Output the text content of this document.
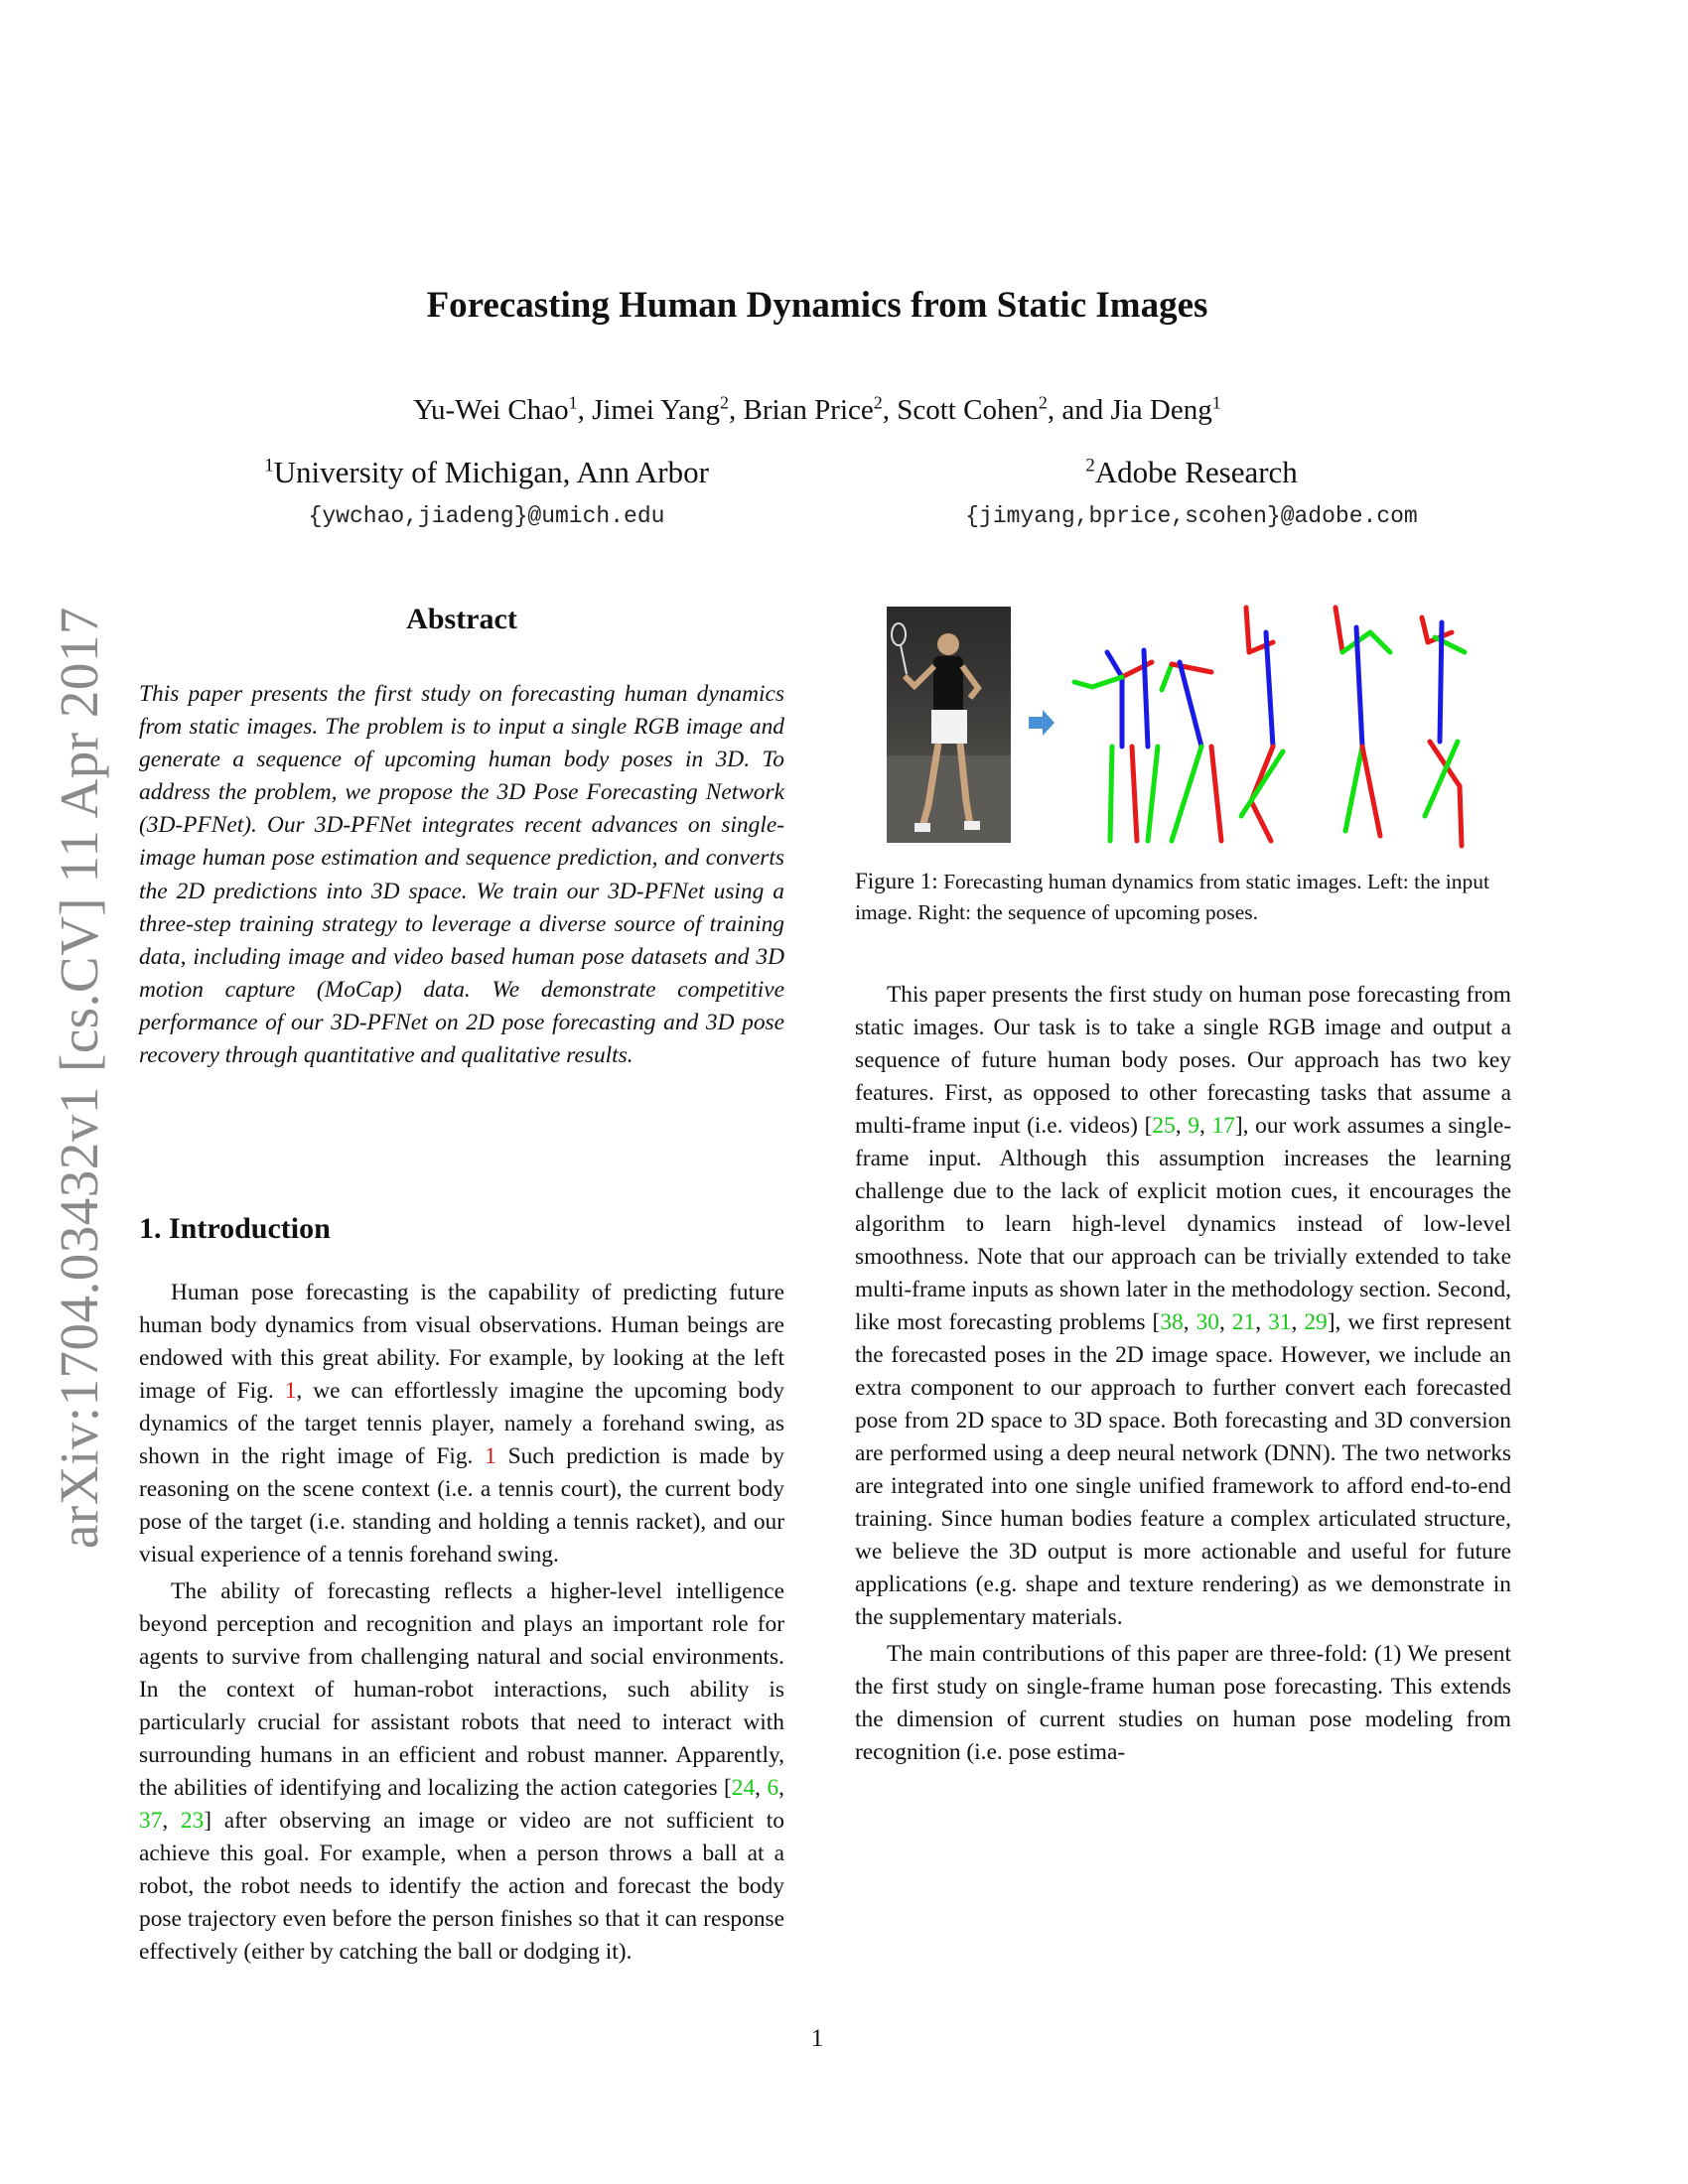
arXiv:1704.03432v1 [cs.CV] 11 Apr 2017
Forecasting Human Dynamics from Static Images
Yu-Wei Chao$^1$, Jimei Yang$^2$, Brian Price$^2$, Scott Cohen$^2$, and Jia Deng$^1$
$^1$University of Michigan, Ann Arbor	$^2$Adobe Research
{ywchao,jiadeng}@umich.edu	{jimyang,bprice,scohen}@adobe.com
Abstract
This paper presents the first study on forecasting human dynamics from static images. The problem is to input a single RGB image and generate a sequence of upcoming human body poses in 3D. To address the problem, we propose the 3D Pose Forecasting Network (3D-PFNet). Our 3D-PFNet integrates recent advances on single-image human pose estimation and sequence prediction, and converts the 2D predictions into 3D space. We train our 3D-PFNet using a three-step training strategy to leverage a diverse source of training data, including image and video based human pose datasets and 3D motion capture (MoCap) data. We demonstrate competitive performance of our 3D-PFNet on 2D pose forecasting and 3D pose recovery through quantitative and qualitative results.
1. Introduction

Human pose forecasting is the capability of predicting future human body dynamics from visual observations. Human beings are endowed with this great ability. For example, by looking at the left image of Fig. 1, we can effortlessly imagine the upcoming body dynamics of the target tennis player, namely a forehand swing, as shown in the right image of Fig. 1 Such prediction is made by reasoning on the scene context (i.e. a tennis court), the current body pose of the target (i.e. standing and holding a tennis racket), and our visual experience of a tennis forehand swing.

The ability of forecasting reflects a higher-level intelligence beyond perception and recognition and plays an important role for agents to survive from challenging natural and social environments. In the context of human-robot interactions, such ability is particularly crucial for assistant robots that need to interact with surrounding humans in an efficient and robust manner. Apparently, the abilities of identifying and localizing the action categories [24, 6, 37, 23] after observing an image or video are not sufficient to achieve this goal. For example, when a person throws a ball at a robot, the robot needs to identify the action and forecast the body pose trajectory even before the person finishes so that it can response effectively (either by catching the ball or dodging it).

Figure 1: Forecasting human dynamics from static images. Left: the input image. Right: the sequence of upcoming poses.

This paper presents the first study on human pose forecasting from static images. Our task is to take a single RGB image and output a sequence of future human body poses. Our approach has two key features. First, as opposed to other forecasting tasks that assume a multi-frame input (i.e. videos) [25, 9, 17], our work assumes a single-frame input. Although this assumption increases the learning challenge due to the lack of explicit motion cues, it encourages the algorithm to learn high-level dynamics instead of low-level smoothness. Note that our approach can be trivially extended to take multi-frame inputs as shown later in the methodology section. Second, like most forecasting problems [38, 30, 21, 31, 29], we first represent the forecasted poses in the 2D image space. However, we include an extra component to our approach to further convert each forecasted pose from 2D space to 3D space. Both forecasting and 3D conversion are performed using a deep neural network (DNN). The two networks are integrated into one single unified framework to afford end-to-end training. Since human bodies feature a complex articulated structure, we believe the 3D output is more actionable and useful for future applications (e.g. shape and texture rendering) as we demonstrate in the supplementary materials.

The main contributions of this paper are three-fold: (1) We present the first study on single-frame human pose forecasting. This extends the dimension of current studies on human pose modeling from recognition (i.e. pose estima-

1
